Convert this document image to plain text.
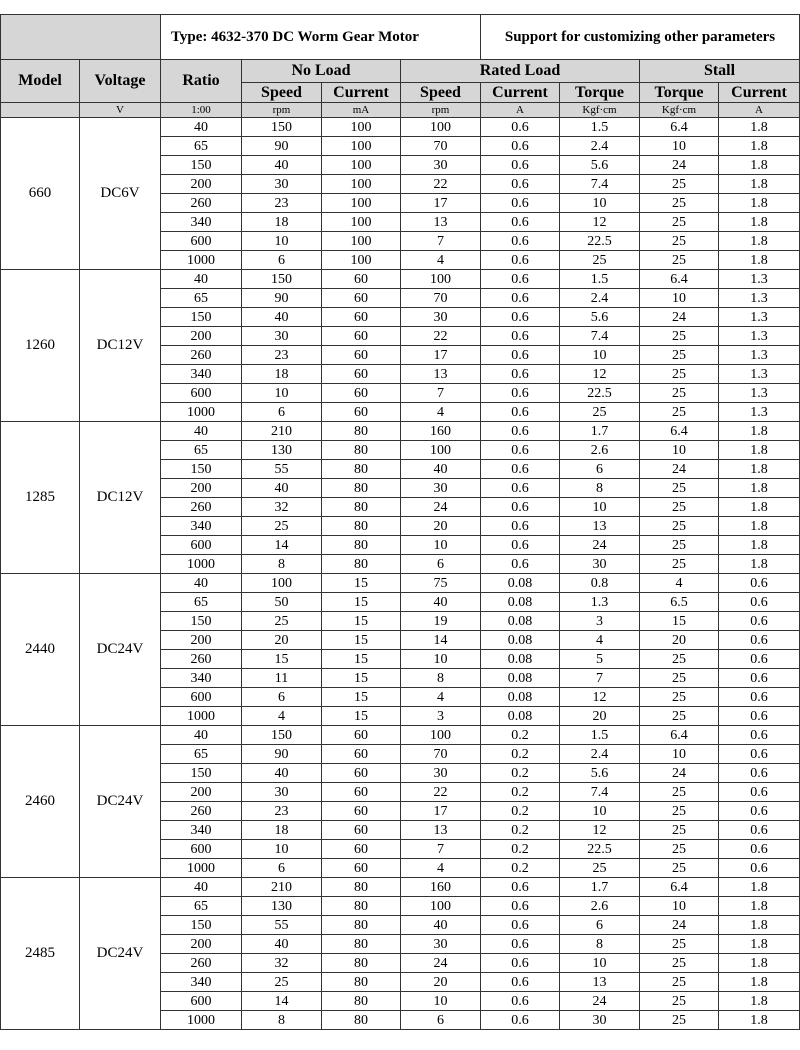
		Type: 4632-370 DC Worm Gear Motor				Support for customizing other parameters			
Model	Voltage	Ratio	No Load		Rated Load			Stall	
			Speed	Current	Speed	Current	Torque	Torque	Current
	V	1:00	rpm	mA	rpm	A	Kgf·cm	Kgf·cm	A
660	DC6V	40	150	100	100	0.6	1.5	6.4	1.8
		65	90	100	70	0.6	2.4	10	1.8
		150	40	100	30	0.6	5.6	24	1.8
		200	30	100	22	0.6	7.4	25	1.8
		260	23	100	17	0.6	10	25	1.8
		340	18	100	13	0.6	12	25	1.8
		600	10	100	7	0.6	22.5	25	1.8
		1000	6	100	4	0.6	25	25	1.8
1260	DC12V	40	150	60	100	0.6	1.5	6.4	1.3
		65	90	60	70	0.6	2.4	10	1.3
		150	40	60	30	0.6	5.6	24	1.3
		200	30	60	22	0.6	7.4	25	1.3
		260	23	60	17	0.6	10	25	1.3
		340	18	60	13	0.6	12	25	1.3
		600	10	60	7	0.6	22.5	25	1.3
		1000	6	60	4	0.6	25	25	1.3
1285	DC12V	40	210	80	160	0.6	1.7	6.4	1.8
		65	130	80	100	0.6	2.6	10	1.8
		150	55	80	40	0.6	6	24	1.8
		200	40	80	30	0.6	8	25	1.8
		260	32	80	24	0.6	10	25	1.8
		340	25	80	20	0.6	13	25	1.8
		600	14	80	10	0.6	24	25	1.8
		1000	8	80	6	0.6	30	25	1.8
2440	DC24V	40	100	15	75	0.08	0.8	4	0.6
		65	50	15	40	0.08	1.3	6.5	0.6
		150	25	15	19	0.08	3	15	0.6
		200	20	15	14	0.08	4	20	0.6
		260	15	15	10	0.08	5	25	0.6
		340	11	15	8	0.08	7	25	0.6
		600	6	15	4	0.08	12	25	0.6
		1000	4	15	3	0.08	20	25	0.6
2460	DC24V	40	150	60	100	0.2	1.5	6.4	0.6
		65	90	60	70	0.2	2.4	10	0.6
		150	40	60	30	0.2	5.6	24	0.6
		200	30	60	22	0.2	7.4	25	0.6
		260	23	60	17	0.2	10	25	0.6
		340	18	60	13	0.2	12	25	0.6
		600	10	60	7	0.2	22.5	25	0.6
		1000	6	60	4	0.2	25	25	0.6
2485	DC24V	40	210	80	160	0.6	1.7	6.4	1.8
		65	130	80	100	0.6	2.6	10	1.8
		150	55	80	40	0.6	6	24	1.8
		200	40	80	30	0.6	8	25	1.8
		260	32	80	24	0.6	10	25	1.8
		340	25	80	20	0.6	13	25	1.8
		600	14	80	10	0.6	24	25	1.8
		1000	8	80	6	0.6	30	25	1.8
